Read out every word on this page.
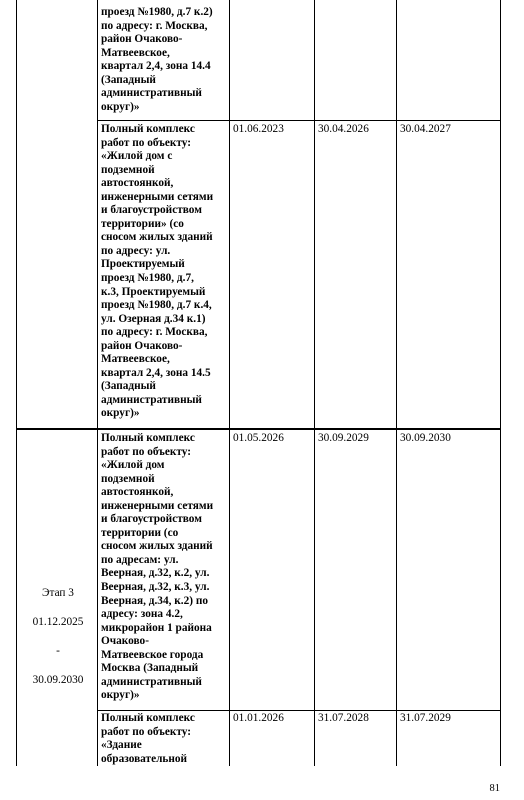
проезд №1980, д.7 к.2)
по адресу: г. Москва,
район Очаково-
Матвеевское,
квартал 2,4, зона 14.4
(Западный
административный
округ)»
Полный комплекс
работ по объекту:
«Жилой дом с
подземной
автостоянкой,
инженерными сетями
и благоустройством
территории» (со
сносом жилых зданий
по адресу: ул.
Проектируемый
проезд №1980, д.7,
к.3, Проектируемый
проезд №1980, д.7 к.4,
ул. Озерная д.34 к.1)
по адресу: г. Москва,
район Очаково-
Матвеевское,
квартал 2,4, зона 14.5
(Западный
административный
округ)»
01.06.2023	30.04.2026	30.04.2027

Этап 3

01.12.2025

-

30.09.2030

Полный комплекс
работ по объекту:
«Жилой дом
подземной
автостоянкой,
инженерными сетями
и благоустройством
территории (со
сносом жилых зданий
по адресам: ул.
Веерная, д.32, к.2, ул.
Веерная, д.32, к.3, ул.
Веерная, д.34, к.2) по
адресу: зона 4.2,
микрорайон 1 района
Очаково-
Матвеевское города
Москва (Западный
административный
округ)»
01.05.2026	30.09.2029	30.09.2030
Полный комплекс
работ по объекту:
«Здание
образовательной
01.01.2026	31.07.2028	31.07.2029
81
